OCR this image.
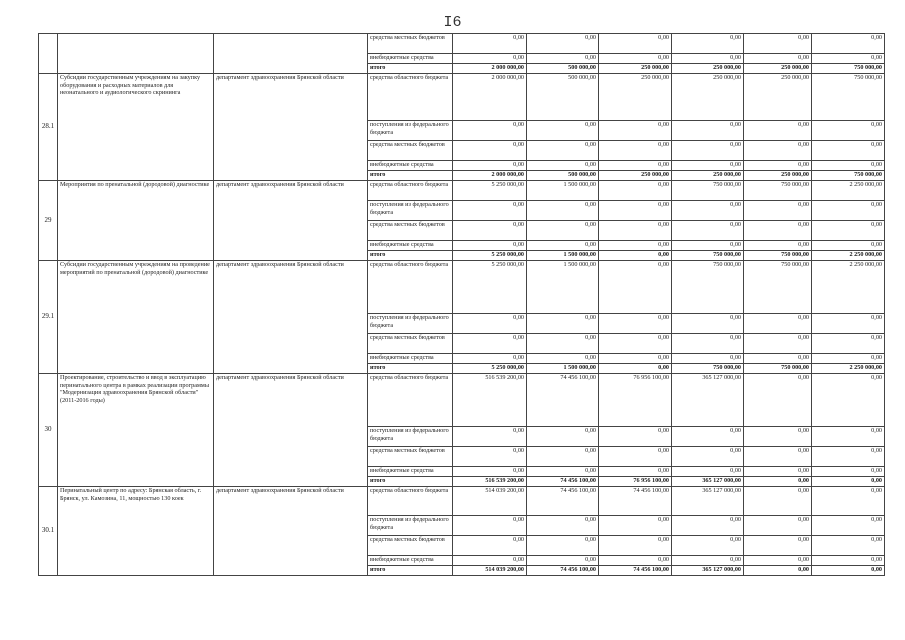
I6
			средства местных бюджетов	0,00	0,00	0,00	0,00	0,00	0,00
			внебюджетные средства	0,00	0,00	0,00	0,00	0,00	0,00
			итого	2 000 000,00	500 000,00	250 000,00	250 000,00	250 000,00	750 000,00
28.1	Субсидии государственным учреждениям на закупку оборудования и расходных материалов для неонатального и аудиологического скрининга	департамент здравоохранения Брянской области	средства областного бюджета	2 000 000,00	500 000,00	250 000,00	250 000,00	250 000,00	750 000,00
			поступления из федерального бюджета	0,00	0,00	0,00	0,00	0,00	0,00
			средства местных бюджетов	0,00	0,00	0,00	0,00	0,00	0,00
			внебюджетные средства	0,00	0,00	0,00	0,00	0,00	0,00
			итого	2 000 000,00	500 000,00	250 000,00	250 000,00	250 000,00	750 000,00
29	Мероприятия по пренатальной (дородовой) диагностике	департамент здравоохранения Брянской области	средства областного бюджета	5 250 000,00	1 500 000,00	0,00	750 000,00	750 000,00	2 250 000,00
			поступления из федерального бюджета	0,00	0,00	0,00	0,00	0,00	0,00
			средства местных бюджетов	0,00	0,00	0,00	0,00	0,00	0,00
			внебюджетные средства	0,00	0,00	0,00	0,00	0,00	0,00
			итого	5 250 000,00	1 500 000,00	0,00	750 000,00	750 000,00	2 250 000,00
29.1	Субсидии государственным учреждениям на проведение мероприятий по пренатальной (дородовой) диагностике	департамент здравоохранения Брянской области	средства областного бюджета	5 250 000,00	1 500 000,00	0,00	750 000,00	750 000,00	2 250 000,00
			поступления из федерального бюджета	0,00	0,00	0,00	0,00	0,00	0,00
			средства местных бюджетов	0,00	0,00	0,00	0,00	0,00	0,00
			внебюджетные средства	0,00	0,00	0,00	0,00	0,00	0,00
			итого	5 250 000,00	1 500 000,00	0,00	750 000,00	750 000,00	2 250 000,00
30	Проектирование, строительство и ввод в эксплуатацию перинатального центра в рамках реализации программы "Модернизация здравоохранения Брянской области" (2011-2016 годы)	департамент здравоохранения Брянской области	средства областного бюджета	516 539 200,00	74 456 100,00	76 956 100,00	365 127 000,00	0,00	0,00
			поступления из федерального бюджета	0,00	0,00	0,00	0,00	0,00	0,00
			средства местных бюджетов	0,00	0,00	0,00	0,00	0,00	0,00
			внебюджетные средства	0,00	0,00	0,00	0,00	0,00	0,00
			итого	516 539 200,00	74 456 100,00	76 956 100,00	365 127 000,00	0,00	0,00
30.1	Перинатальный центр по адресу: Брянская область, г. Брянск, ул. Камозина, 11, мощностью 130 коек	департамент здравоохранения Брянской области	средства областного бюджета	514 039 200,00	74 456 100,00	74 456 100,00	365 127 000,00	0,00	0,00
			поступления из федерального бюджета	0,00	0,00	0,00	0,00	0,00	0,00
			средства местных бюджетов	0,00	0,00	0,00	0,00	0,00	0,00
			внебюджетные средства	0,00	0,00	0,00	0,00	0,00	0,00
			итого	514 039 200,00	74 456 100,00	74 456 100,00	365 127 000,00	0,00	0,00
